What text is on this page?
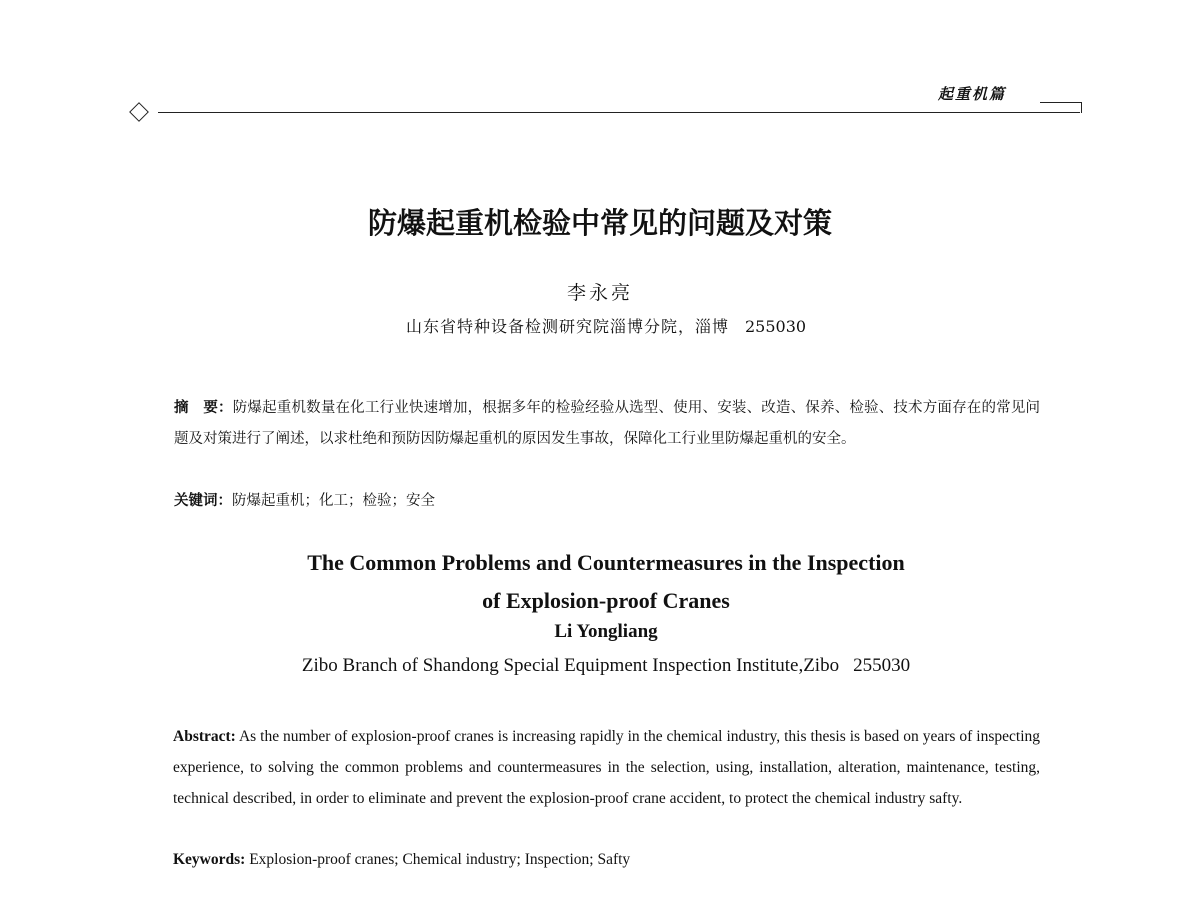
起重机篇
防爆起重机检验中常见的问题及对策
李永亮
山东省特种设备检测研究院淄博分院，淄博 255030
摘　要：防爆起重机数量在化工行业快速增加，根据多年的检验经验从选型、使用、安装、改造、保养、检验、技术方面存在的常见问题及对策进行了阐述，以求杜绝和预防因防爆起重机的原因发生事故，保障化工行业里防爆起重机的安全。
关键词：防爆起重机；化工；检验；安全
The Common Problems and Countermeasures in the Inspection
of Explosion-proof Cranes
Li Yongliang
Zibo Branch of Shandong Special Equipment Inspection Institute,Zibo 255030
Abstract: As the number of explosion-proof cranes is increasing rapidly in the chemical industry, this thesis is based on years of inspecting experience, to solving the common problems and countermeasures in the selection, using, installation, alteration, maintenance, testing, technical described, in order to eliminate and prevent the explosion-proof crane accident, to protect the chemical industry safty.
Keywords: Explosion-proof cranes; Chemical industry; Inspection; Safty
